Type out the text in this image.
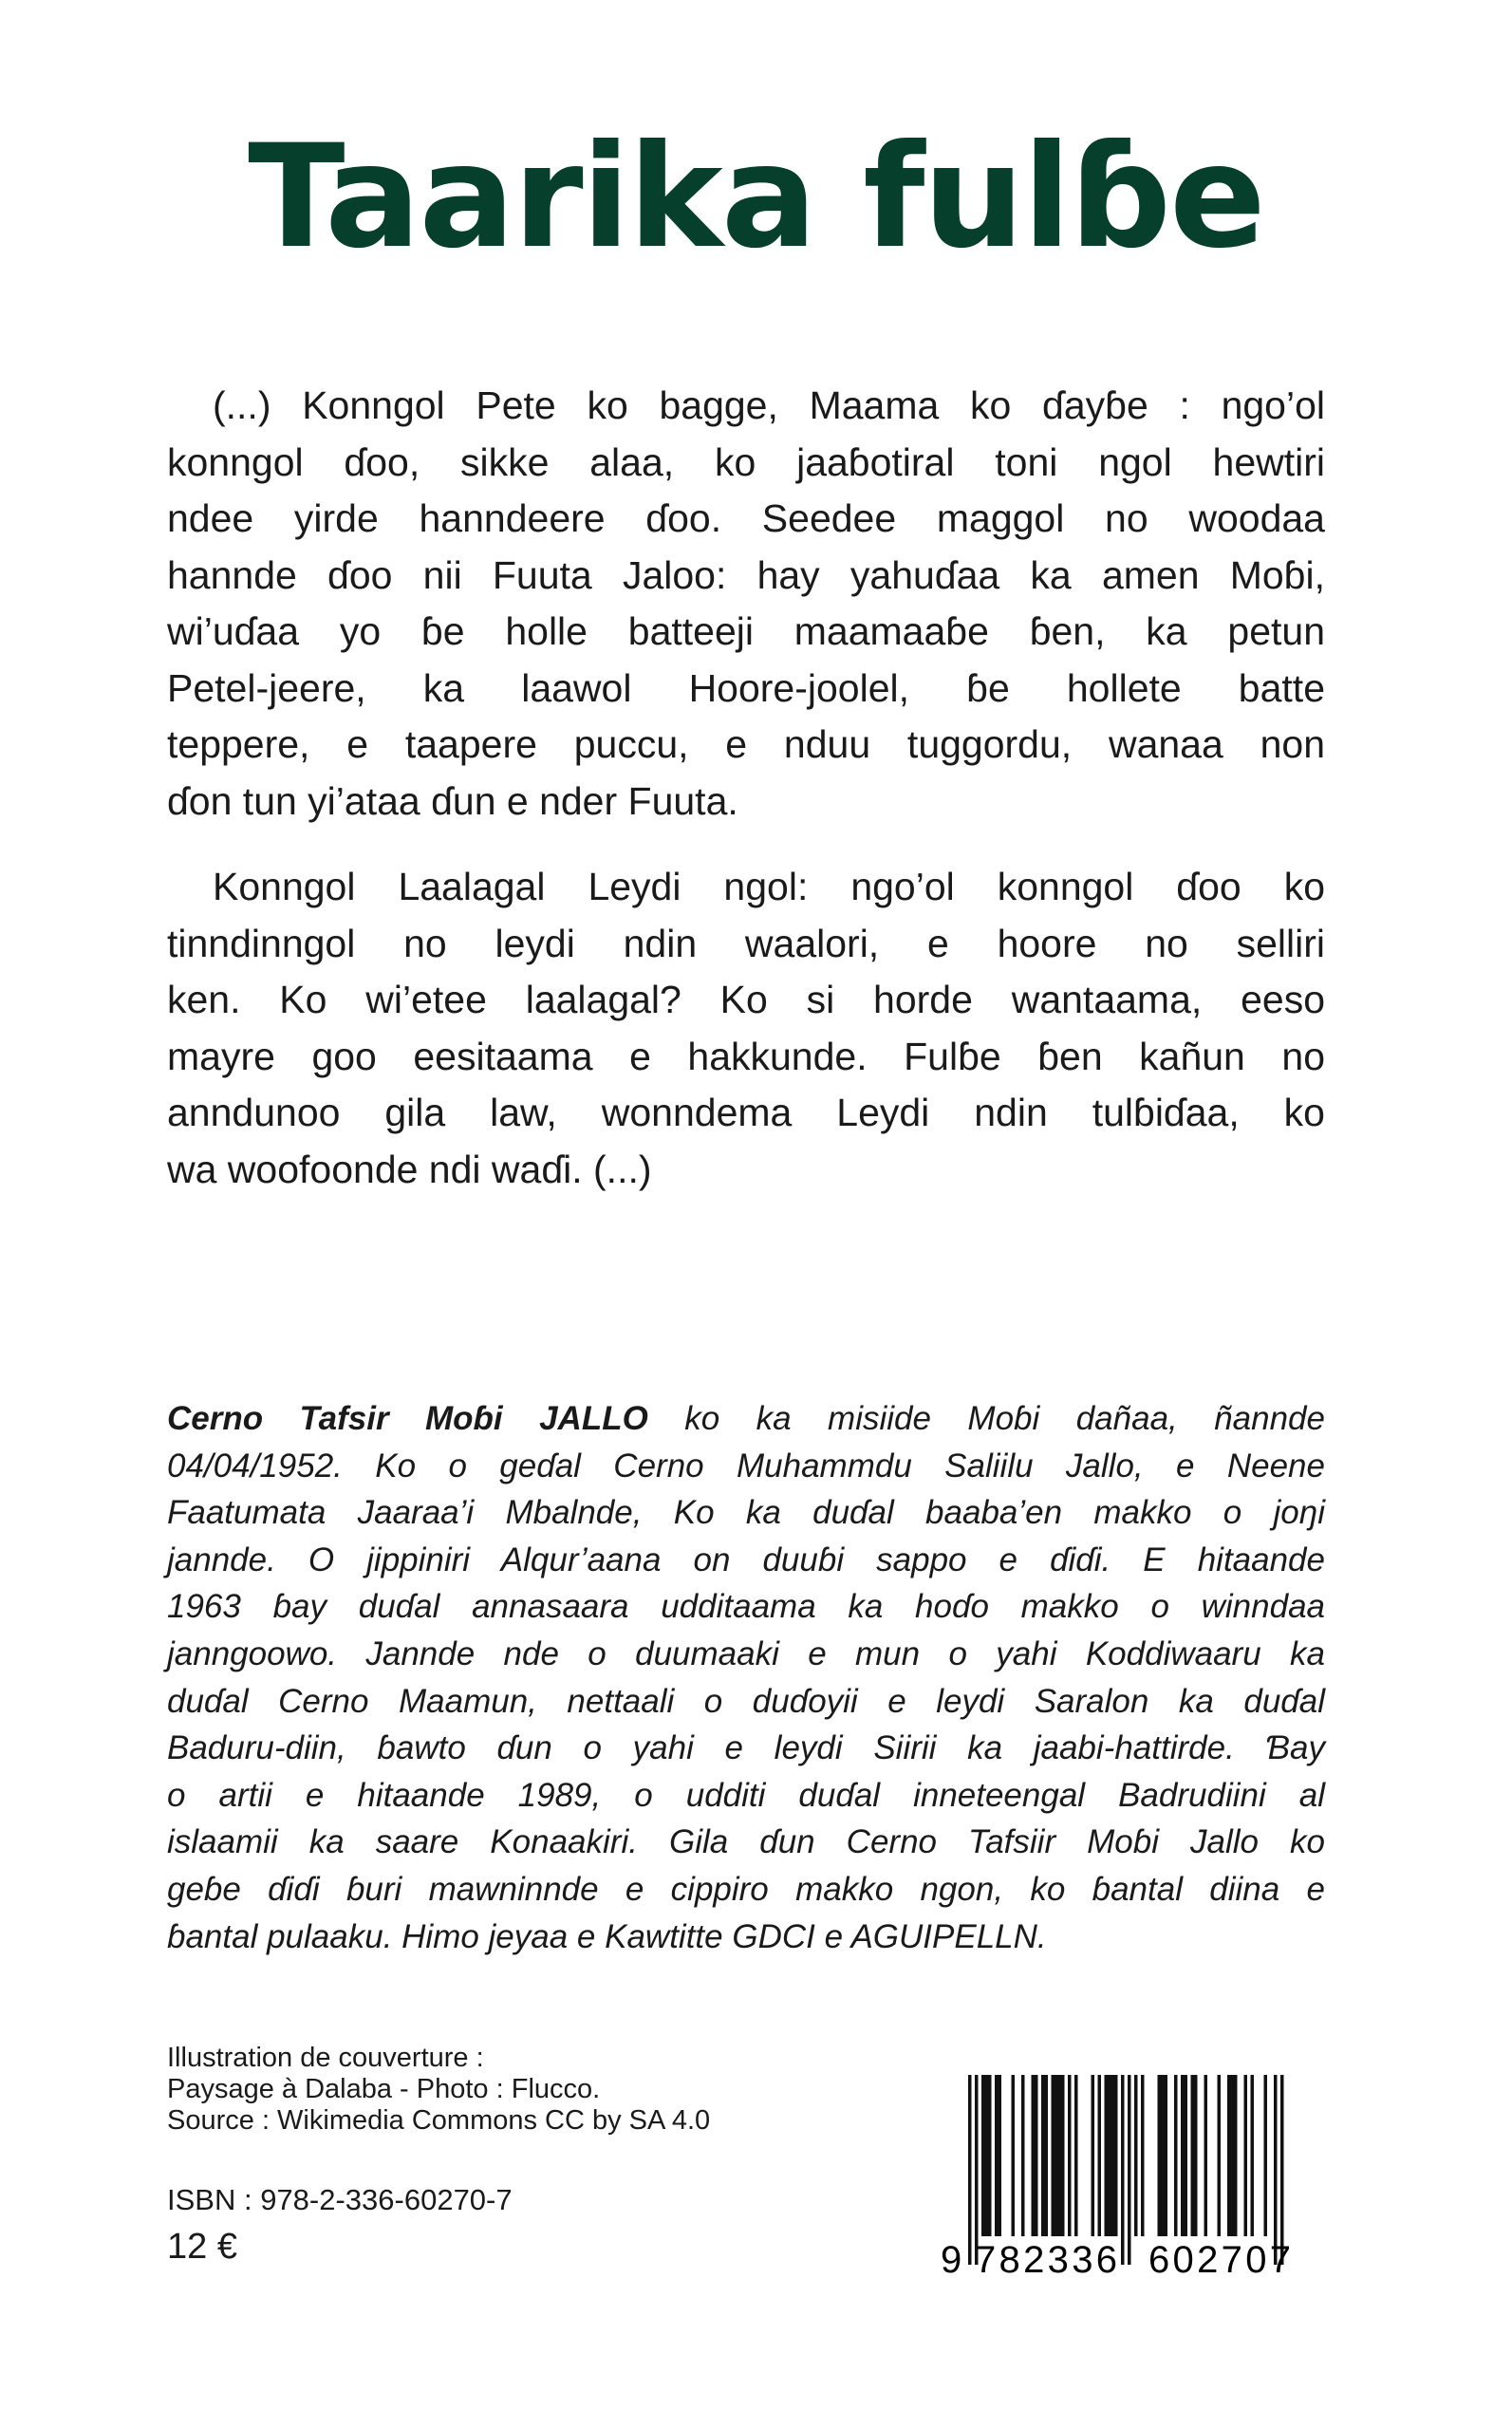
Taarika fulɓe
(...) Konngol Pete ko bagge, Maama ko ɗayɓe : ngo’ol
konngol ɗoo, sikke alaa, ko jaaɓotiral toni ngol hewtiri
ndee yirde hanndeere ɗoo. Seedee maggol no woodaa
hannde ɗoo nii Fuuta Jaloo: hay yahuɗaa ka amen Moɓi,
wi’uɗaa yo ɓe holle batteeji maamaaɓe ɓen, ka petun
Petel-jeere, ka laawol Hoore-joolel, ɓe hollete batte
teppere, e taapere puccu, e nduu tuggordu, wanaa non
ɗon tun yi’ataa ɗun e nder Fuuta.
Konngol Laalagal Leydi ngol: ngo’ol konngol ɗoo ko
tinndinngol no leydi ndin waalori, e hoore no selliri
ken. Ko wi’etee laalagal? Ko si horde wantaama, eeso
mayre goo eesitaama e hakkunde. Fulɓe ɓen kañun no
anndunoo gila law, wonndema Leydi ndin tulɓiɗaa, ko
wa woofoonde ndi waɗi. (...)
Cerno Tafsir Moɓi JALLO ko ka misiide Moɓi dañaa, ñannde
04/04/1952. Ko o geɗal Cerno Muhammdu Saliilu Jallo, e Neene
Faatumata Jaaraa’i Mbalnde, Ko ka duɗal baaba’en makko o joŋi
jannde. O jippiniri Alqur’aana on duuɓi sappo e ɗiɗi. E hitaande
1963 ɓay duɗal annasaara udditaama ka hoɗo makko o winndaa
janngoowo. Jannde nde o duumaaki e mun o yahi Koddiwaaru ka
duɗal Cerno Maamun, nettaali o duɗoyii e leydi Saralon ka duɗal
Baduru-diin, ɓawto ɗun o yahi e leydi Siirii ka jaabi-hattirde. Ɓay
o artii e hitaande 1989, o udditi duɗal inneteengal Badrudiini al
islaamii ka saare Konaakiri. Gila ɗun Cerno Tafsiir Moɓi Jallo ko
geɓe ɗiɗi ɓuri mawninnde e cippiro makko ngon, ko ɓantal diina e
ɓantal pulaaku. Himo jeyaa e Kawtitte GDCI e AGUIPELLN.
Illustration de couverture :
Paysage à Dalaba - Photo : Flucco.
Source : Wikimedia Commons CC by SA 4.0
ISBN : 978-2-336-60270-7
12 €	9 782336 602707
